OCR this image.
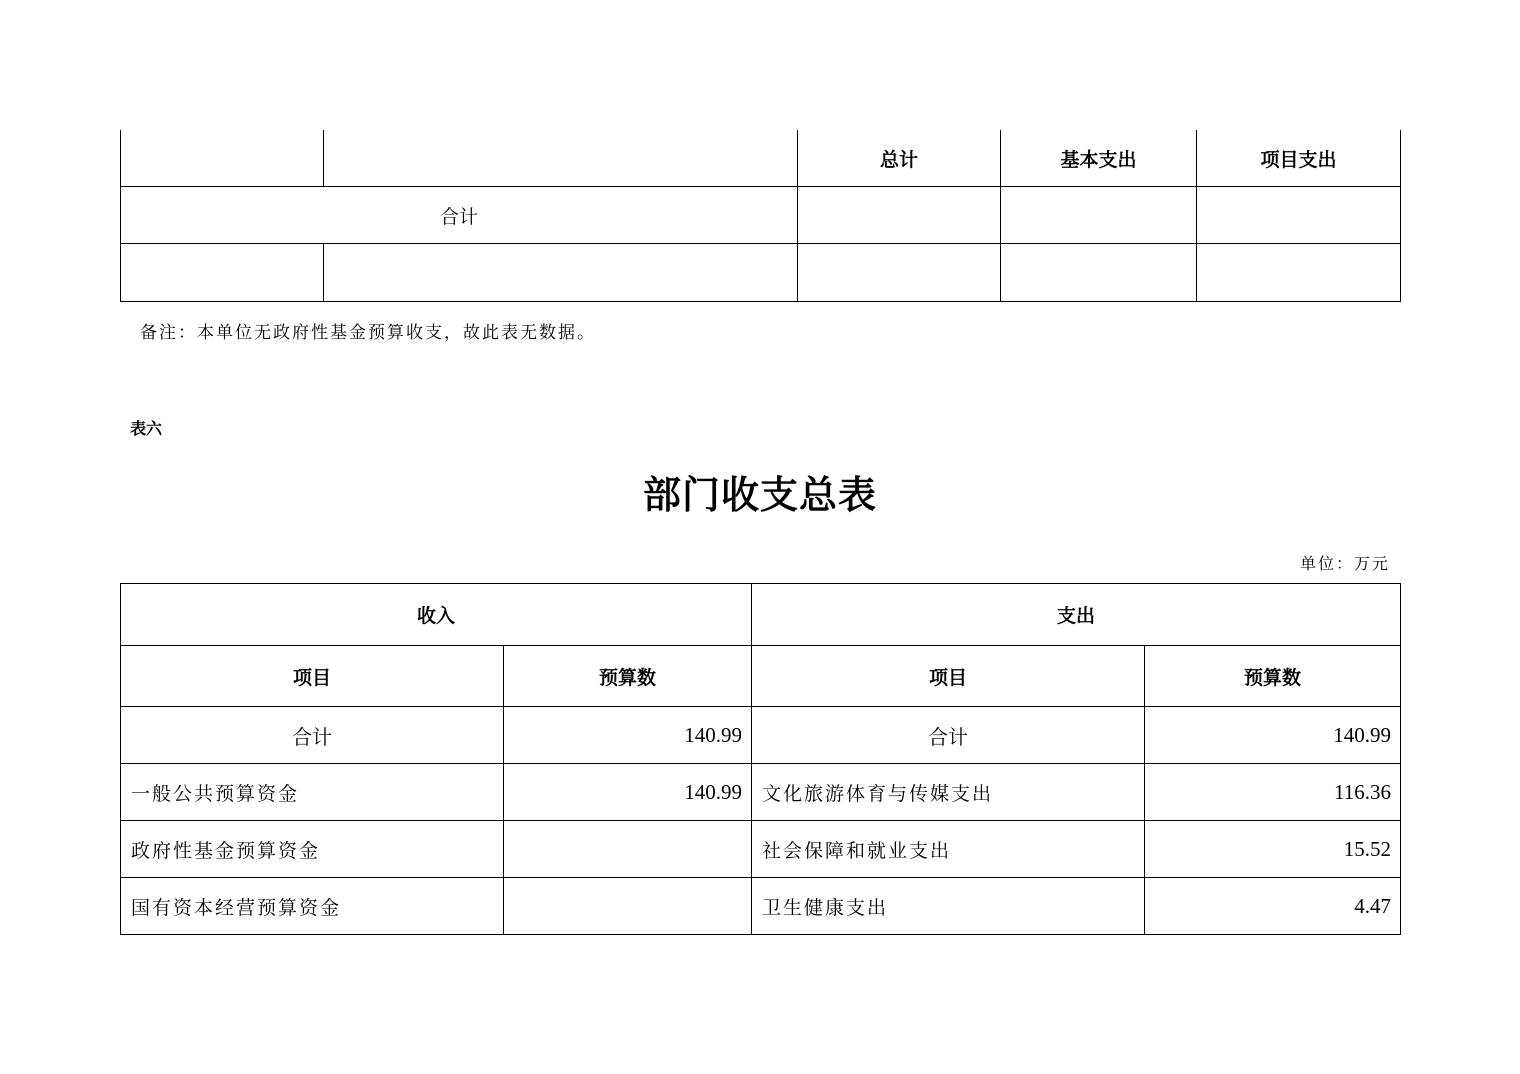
		总计	基本支出	项目支出
合计				

备注：本单位无政府性基金预算收支，故此表无数据。
表六
部门收支总表
单位：万元
收入		支出	
项目	预算数	项目	预算数
合计	140.99	合计	140.99
一般公共预算资金	140.99	文化旅游体育与传媒支出	116.36
政府性基金预算资金		社会保障和就业支出	15.52
国有资本经营预算资金		卫生健康支出	4.47
